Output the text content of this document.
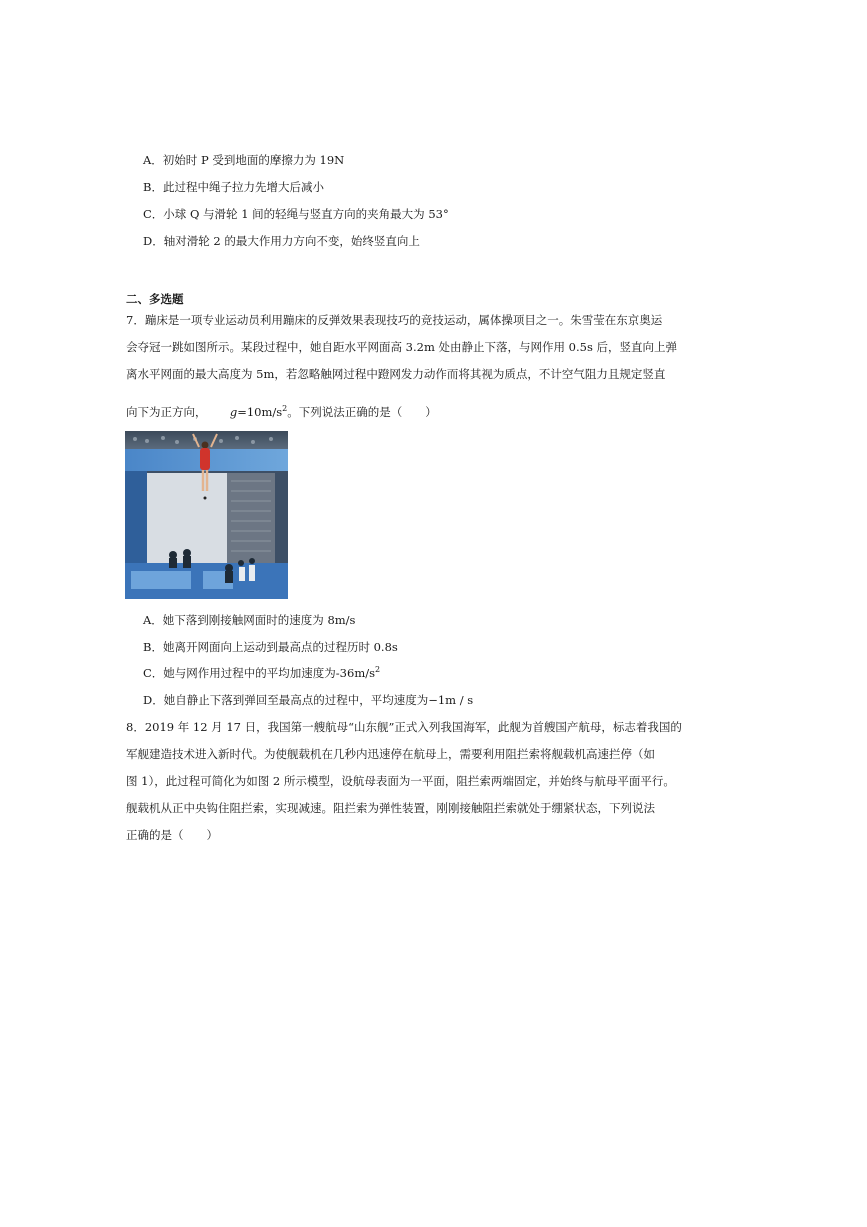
A．初始时 P 受到地面的摩擦力为 19N
B．此过程中绳子拉力先增大后减小
C．小球 Q 与滑轮 1 间的轻绳与竖直方向的夹角最大为 53°
D．轴对滑轮 2 的最大作用力方向不变，始终竖直向上
二、多选题
7．蹦床是一项专业运动员利用蹦床的反弹效果表现技巧的竞技运动，属体操项目之一。朱雪莹在东京奥运
会夺冠一跳如图所示。某段过程中，她自距水平网面高 3.2m 处由静止下落，与网作用 0.5s 后，竖直向上弹
离水平网面的最大高度为 5m，若忽略触网过程中蹬网发力动作而将其视为质点，不计空气阻力且规定竖直
向下为正方向， $g=10m/s^2$。下列说法正确的是（　　）
A．她下落到刚接触网面时的速度为 8m/s
B．她离开网面向上运动到最高点的过程历时 0.8s
C．她与网作用过程中的平均加速度为$-36m/s^2$
D．她自静止下落到弹回至最高点的过程中，平均速度为−1m / s
8．2019 年 12 月 17 日，我国第一艘航母“山东舰”正式入列我国海军，此舰为首艘国产航母，标志着我国的
军舰建造技术进入新时代。为使舰载机在几秒内迅速停在航母上，需要利用阻拦索将舰载机高速拦停（如
图 1），此过程可简化为如图 2 所示模型，设航母表面为一平面，阻拦索两端固定，并始终与航母平面平行。
舰载机从正中央钩住阻拦索，实现减速。阻拦索为弹性装置，刚刚接触阻拦索就处于绷紧状态，下列说法
正确的是（　　）
